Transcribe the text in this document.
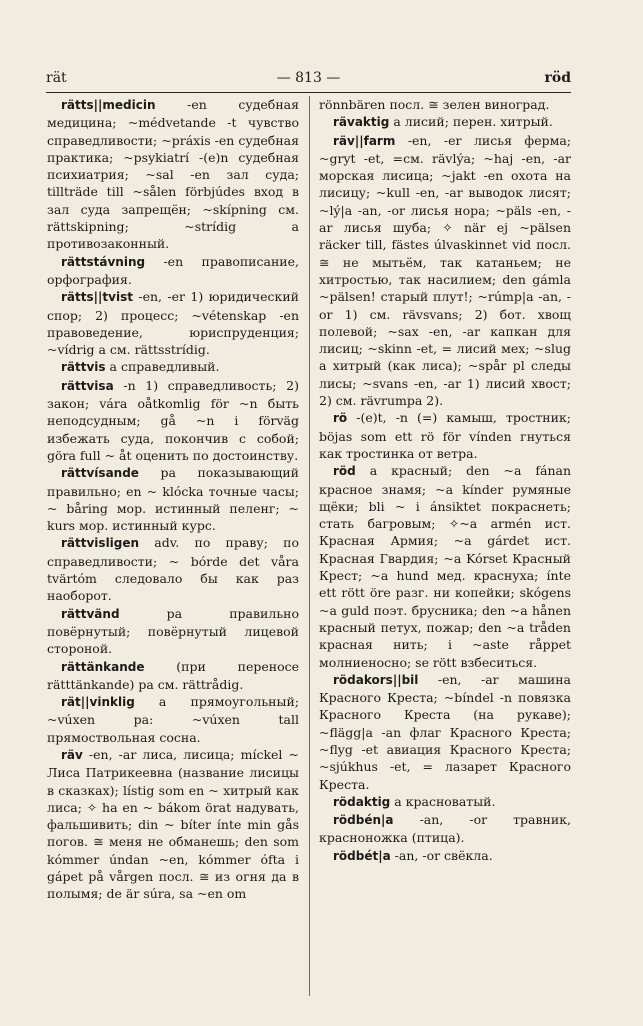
rät	— 813 —	röd

rätts||medicin -en судебная медицина; ~médvetande -t чувство справедливости; ~práxis -en судебная практика; ~psykiatrí -(e)n судебная психиатрия; ~sal -en зал суда; tillträde till ~sålen förbjúdes вход в зал суда запрещён; ~skípning см. rättskipning; ~strídig a противозаконный.

rättstávning -en правописание, орфография.

rätts||tvist -en, -er 1) юридический спор; 2) процесс; ~vétenskap -en правоведение, юриспруденция; ~vídrig a см. rättsstrídig.

rättvis a справедливый.

rättvisa -n 1) справедливость; 2) закон; vára oåtkomlig för ~n быть неподсудным; gå ~n i förväg избежать суда, покончив с собой; göra full ~ åt оценить по достоинству.

rättvísande pa показывающий правильно; en ~ klócka точные часы; ~ båring мор. истинный пеленг; ~ kurs мор. истинный курс.

rättvisligen adv. по праву; по справедливости; ~ bórde det våra tvärtóm следовало бы как раз наоборот.

rättvänd pa правильно повёрнутый; повёрнутый лицевой стороной.

rättänkande (при переносе rätttänkande) pa см. rättrådig.

rät||vinklig a прямоугольный; ~vúxen pa: ~vúxen tall прямоствольная сосна.

räv -en, -ar лиса, лисица; míckel ~ Лиса Патрикеевна (название лисицы в сказках); lístig som en ~ хитрый как лиса; ✧ ha en ~ bákom örat надувать, фальшивить; din ~ bíter ínte min gås погов. ≅ меня не обманешь; den som kómmer úndan ~en, kómmer ófta i gápet på vårgen посл. ≅ из огня да в полымя; de är súra, sa ~en om

rönnbären посл. ≅ зелен виноград.

rävaktig a лисий; перен. хитрый.

räv||farm -en, -er лисья ферма; ~gryt -et, =см. rävlýa; ~haj -en, -ar морская лисица; ~jakt -en охота на лисицу; ~kull -en, -ar выводок лисят; ~lý|a -an, -or лисья нора; ~päls -en, -ar лисья шуба; ✧ när ej ~pälsen räcker till, fästes úlvaskinnet vid посл. ≅ не мытьём, так катаньем; не хитростью, так насилием; den gámla ~pälsen! старый плут!; ~rúmp|a -an, -or 1) см. rävsvans; 2) бот. хвощ полевой; ~sax -en, -ar капкан для лисиц; ~skinn -et, = лисий мех; ~slug a хитрый (как лиса); ~spår pl следы лисы; ~svans -en, -ar 1) лисий хвост; 2) см. rävrumpa 2).

rö -(e)t, -n (=) камыш, тростник; böjas som ett rö för vínden гнуться как тростинка от ветра.

röd a красный; den ~a fánan красное знамя; ~a kínder румяные щёки; bli ~ i ánsiktet покраснеть; стать багровым; ✧~a armén ист. Красная Армия; ~a gárdet ист. Красная Гвардия; ~a Kórset Красный Крест; ~a hund мед. краснуха; ínte ett rött öre разг. ни копейки; skógens ~a guld поэт. брусника; den ~a hånen красный петух, пожар; den ~a tråden красная нить; i ~aste råppet молниеносно; se rött взбеситься.

rödakors||bil -en, -ar машина Красного Креста; ~bíndel -n повязка Красного Креста (на рукаве); ~flägg|a -an флаг Красного Креста; ~flyg -et авиация Красного Креста; ~sjúkhus -et, = лазарет Красного Креста.

rödaktig a красноватый.

rödbén|a -an, -or травник, красноножка (птица).

rödbét|a -an, -or свёкла.
